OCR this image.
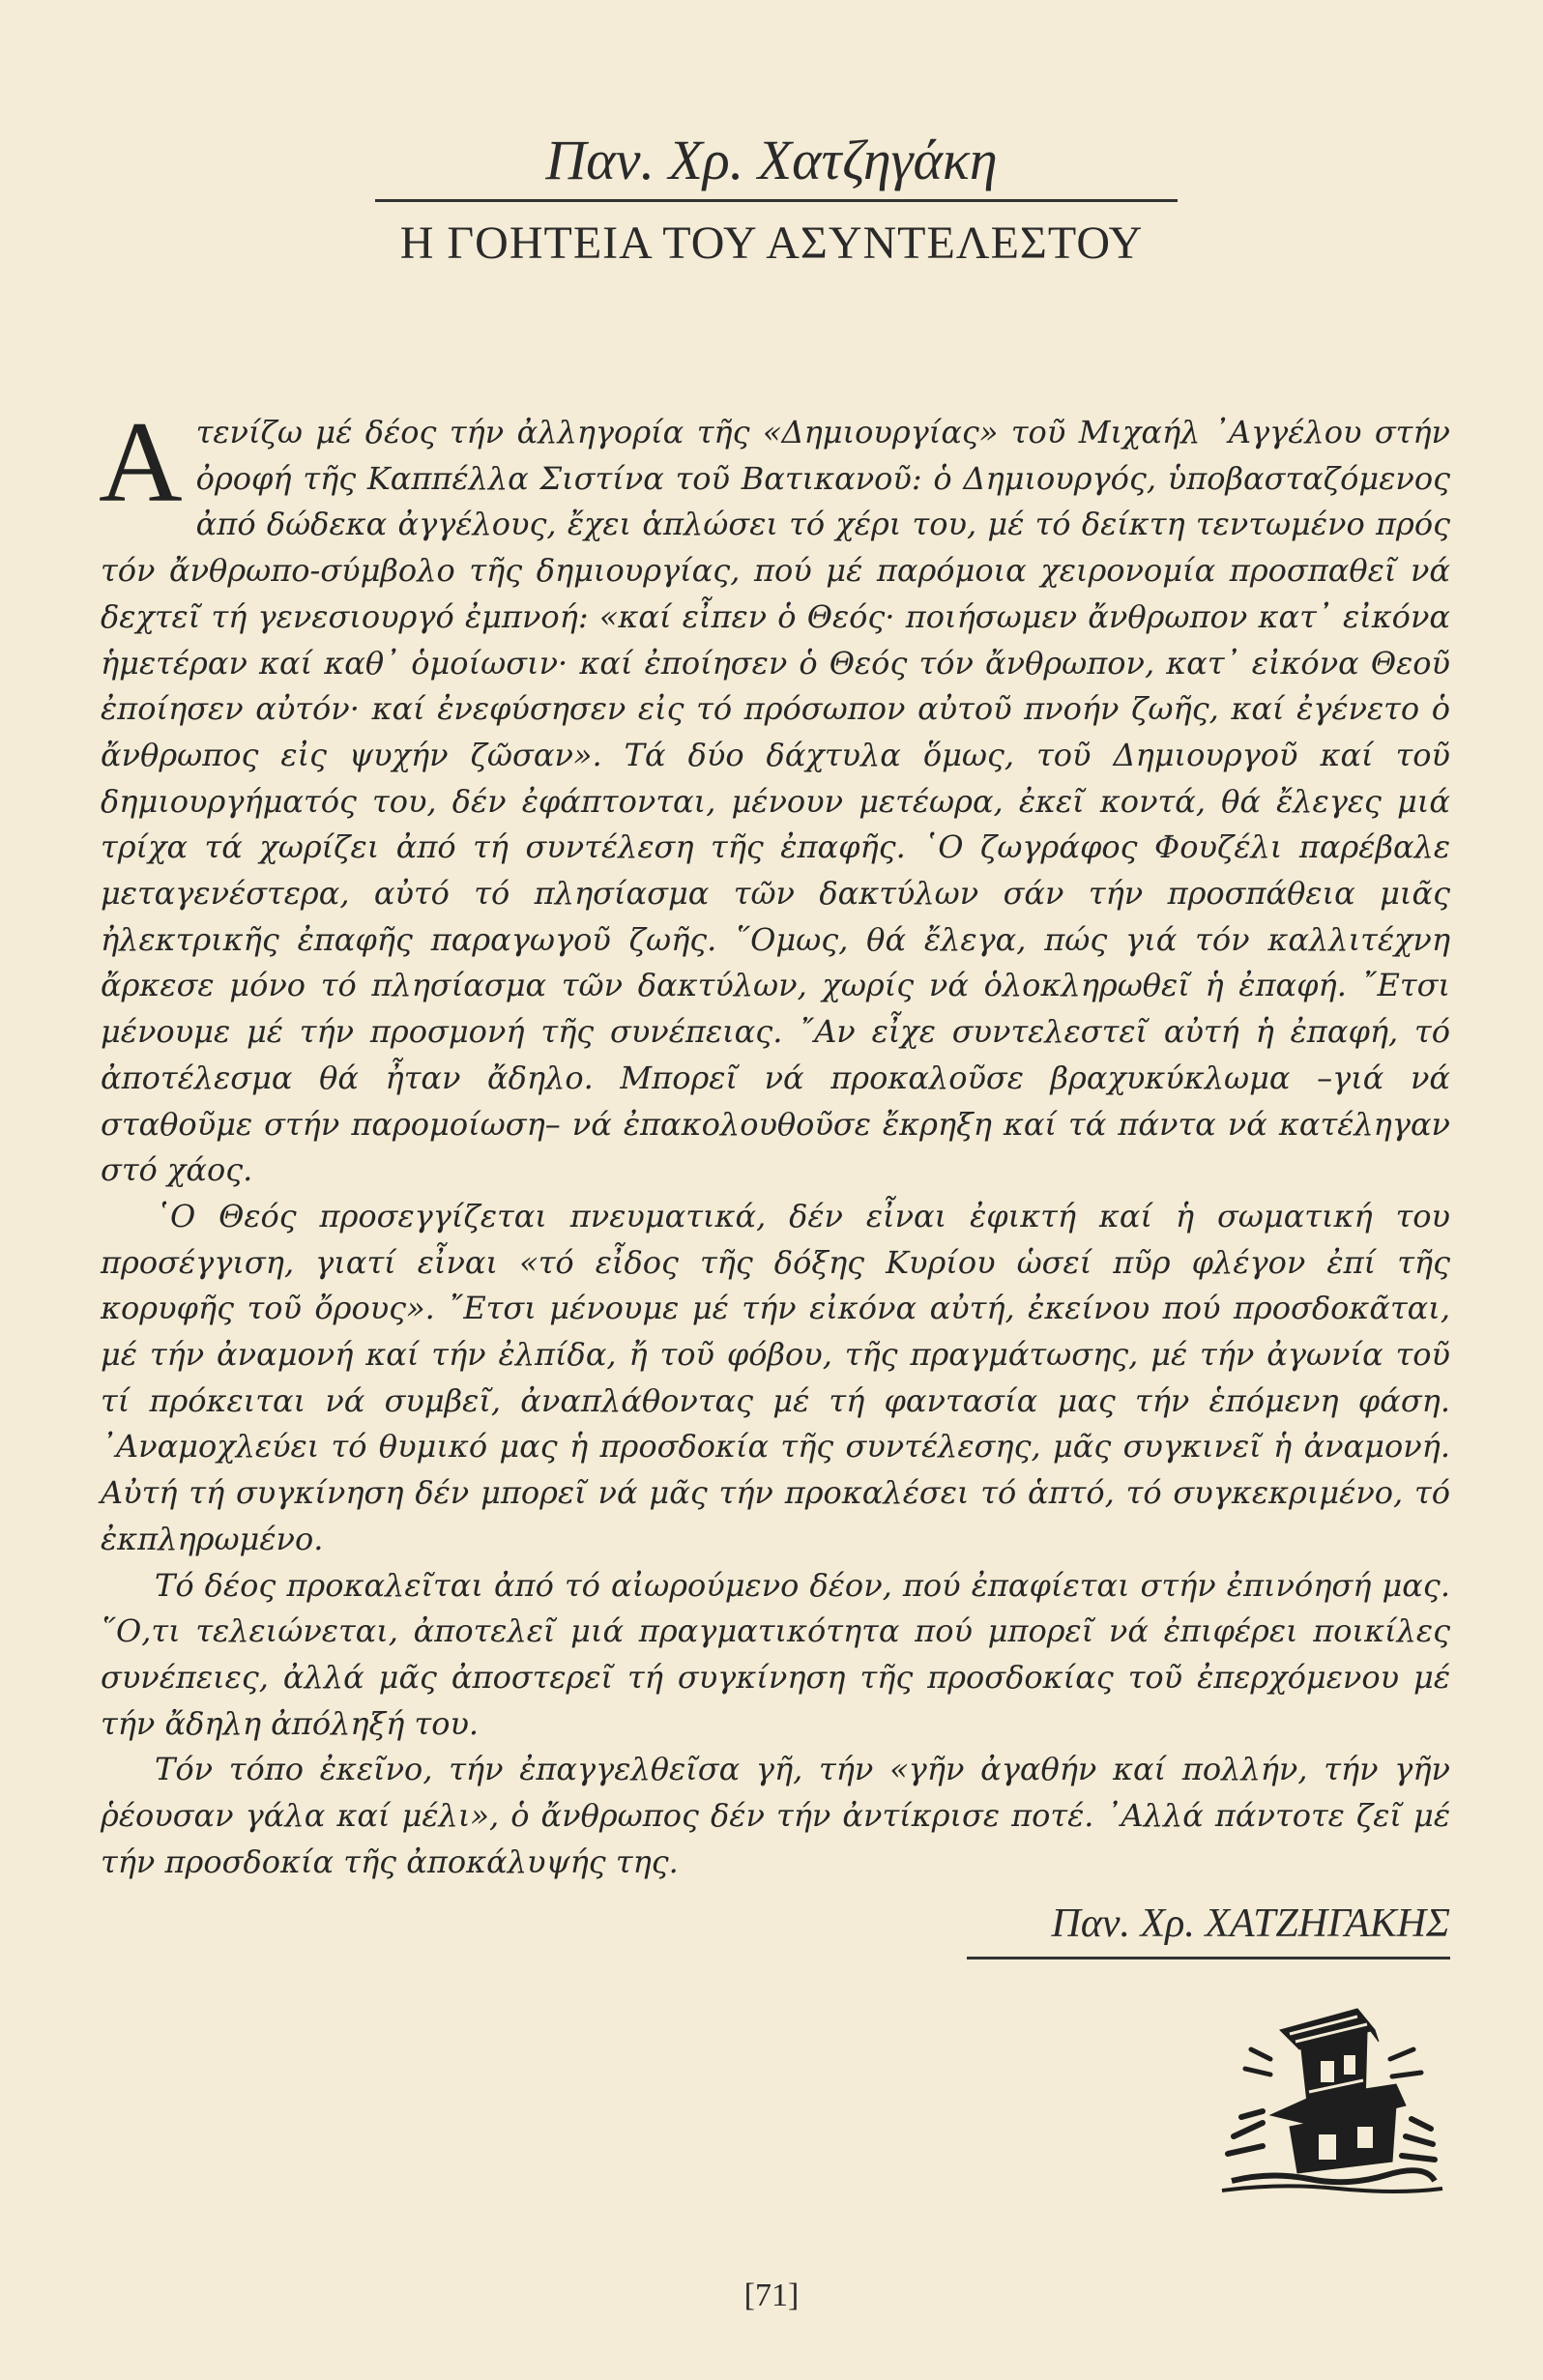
Παν. Χρ. Χατζηγάκη
Η ΓΟΗΤΕΙΑ ΤΟΥ ΑΣΥΝΤΕΛΕΣΤΟΥ

Ατενίζω μέ δέος τήν ἀλληγορία τῆς «Δημιουργίας» τοῦ Μιχαήλ ᾿Αγγέλου στήν ὀροφή τῆς Καππέλλα Σιστίνα τοῦ Βατικανοῦ: ὁ Δημιουργός, ὑποβασταζόμενος ἀπό δώδεκα ἀγγέλους, ἔχει ἁπλώσει τό χέρι του, μέ τό δείκτη τεντωμένο πρός τόν ἄνθρωπο-σύμβολο τῆς δημιουργίας, πού μέ παρόμοια χειρονομία προσπαθεῖ νά δεχτεῖ τή γενεσιουργό ἐμπνοή: «καί εἶπεν ὁ Θεός· ποιήσωμεν ἄνθρωπον κατ᾿ εἰκόνα ἡμετέραν καί καθ᾿ ὁμοίωσιν· καί ἐποίησεν ὁ Θεός τόν ἄνθρωπον, κατ᾿ εἰκόνα Θεοῦ ἐποίησεν αὐτόν· καί ἐνεφύσησεν εἰς τό πρόσωπον αὐτοῦ πνοήν ζωῆς, καί ἐγένετο ὁ ἄνθρωπος εἰς ψυχήν ζῶσαν». Τά δύο δάχτυλα ὅμως, τοῦ Δημιουργοῦ καί τοῦ δημιουργήματός του, δέν ἐφάπτονται, μένουν μετέωρα, ἐκεῖ κοντά, θά ἔλεγες μιά τρίχα τά χωρίζει ἀπό τή συντέλεση τῆς ἐπαφῆς. ῾Ο ζωγράφος Φουζέλι παρέβαλε μεταγενέστερα, αὐτό τό πλησίασμα τῶν δακτύλων σάν τήν προσπάθεια μιᾶς ἠλεκτρικῆς ἐπαφῆς παραγωγοῦ ζωῆς. ῞Ομως, θά ἔλεγα, πώς γιά τόν καλλιτέχνη ἄρκεσε μόνο τό πλησίασμα τῶν δακτύλων, χωρίς νά ὁλοκληρωθεῖ ἡ ἐπαφή. ῎Ετσι μένουμε μέ τήν προσμονή τῆς συνέπειας. ῎Αν εἶχε συντελεστεῖ αὐτή ἡ ἐπαφή, τό ἀποτέλεσμα θά ἦταν ἄδηλο. Μπορεῖ νά προκαλοῦσε βραχυκύκλωμα –γιά νά σταθοῦμε στήν παρομοίωση– νά ἐπακολουθοῦσε ἔκρηξη καί τά πάντα νά κατέληγαν στό χάος.

῾Ο Θεός προσεγγίζεται πνευματικά, δέν εἶναι ἐφικτή καί ἡ σωματική του προσέγγιση, γιατί εἶναι «τό εἶδος τῆς δόξης Κυρίου ὡσεί πῦρ φλέγον ἐπί τῆς κορυφῆς τοῦ ὄρους». ῎Ετσι μένουμε μέ τήν εἰκόνα αὐτή, ἐκείνου πού προσδοκᾶται, μέ τήν ἀναμονή καί τήν ἐλπίδα, ἤ τοῦ φόβου, τῆς πραγμάτωσης, μέ τήν ἀγωνία τοῦ τί πρόκειται νά συμβεῖ, ἀναπλάθοντας μέ τή φαντασία μας τήν ἑπόμενη φάση. ᾿Αναμοχλεύει τό θυμικό μας ἡ προσδοκία τῆς συντέλεσης, μᾶς συγκινεῖ ἡ ἀναμονή. Αὐτή τή συγκίνηση δέν μπορεῖ νά μᾶς τήν προκαλέσει τό ἁπτό, τό συγκεκριμένο, τό ἐκπληρωμένο.

Τό δέος προκαλεῖται ἀπό τό αἰωρούμενο δέον, πού ἐπαφίεται στήν ἐπινόησή μας. ῞Ο,τι τελειώνεται, ἀποτελεῖ μιά πραγματικότητα πού μπορεῖ νά ἐπιφέρει ποικίλες συνέπειες, ἀλλά μᾶς ἀποστερεῖ τή συγκίνηση τῆς προσδοκίας τοῦ ἐπερχόμενου μέ τήν ἄδηλη ἀπόληξή του.

Τόν τόπο ἐκεῖνο, τήν ἐπαγγελθεῖσα γῆ, τήν «γῆν ἀγαθήν καί πολλήν, τήν γῆν ῥέουσαν γάλα καί μέλι», ὁ ἄνθρωπος δέν τήν ἀντίκρισε ποτέ. ᾿Αλλά πάντοτε ζεῖ μέ τήν προσδοκία τῆς ἀποκάλυψής της.

Παν. Χρ. ΧΑΤΖΗΓΑΚΗΣ
[71]
